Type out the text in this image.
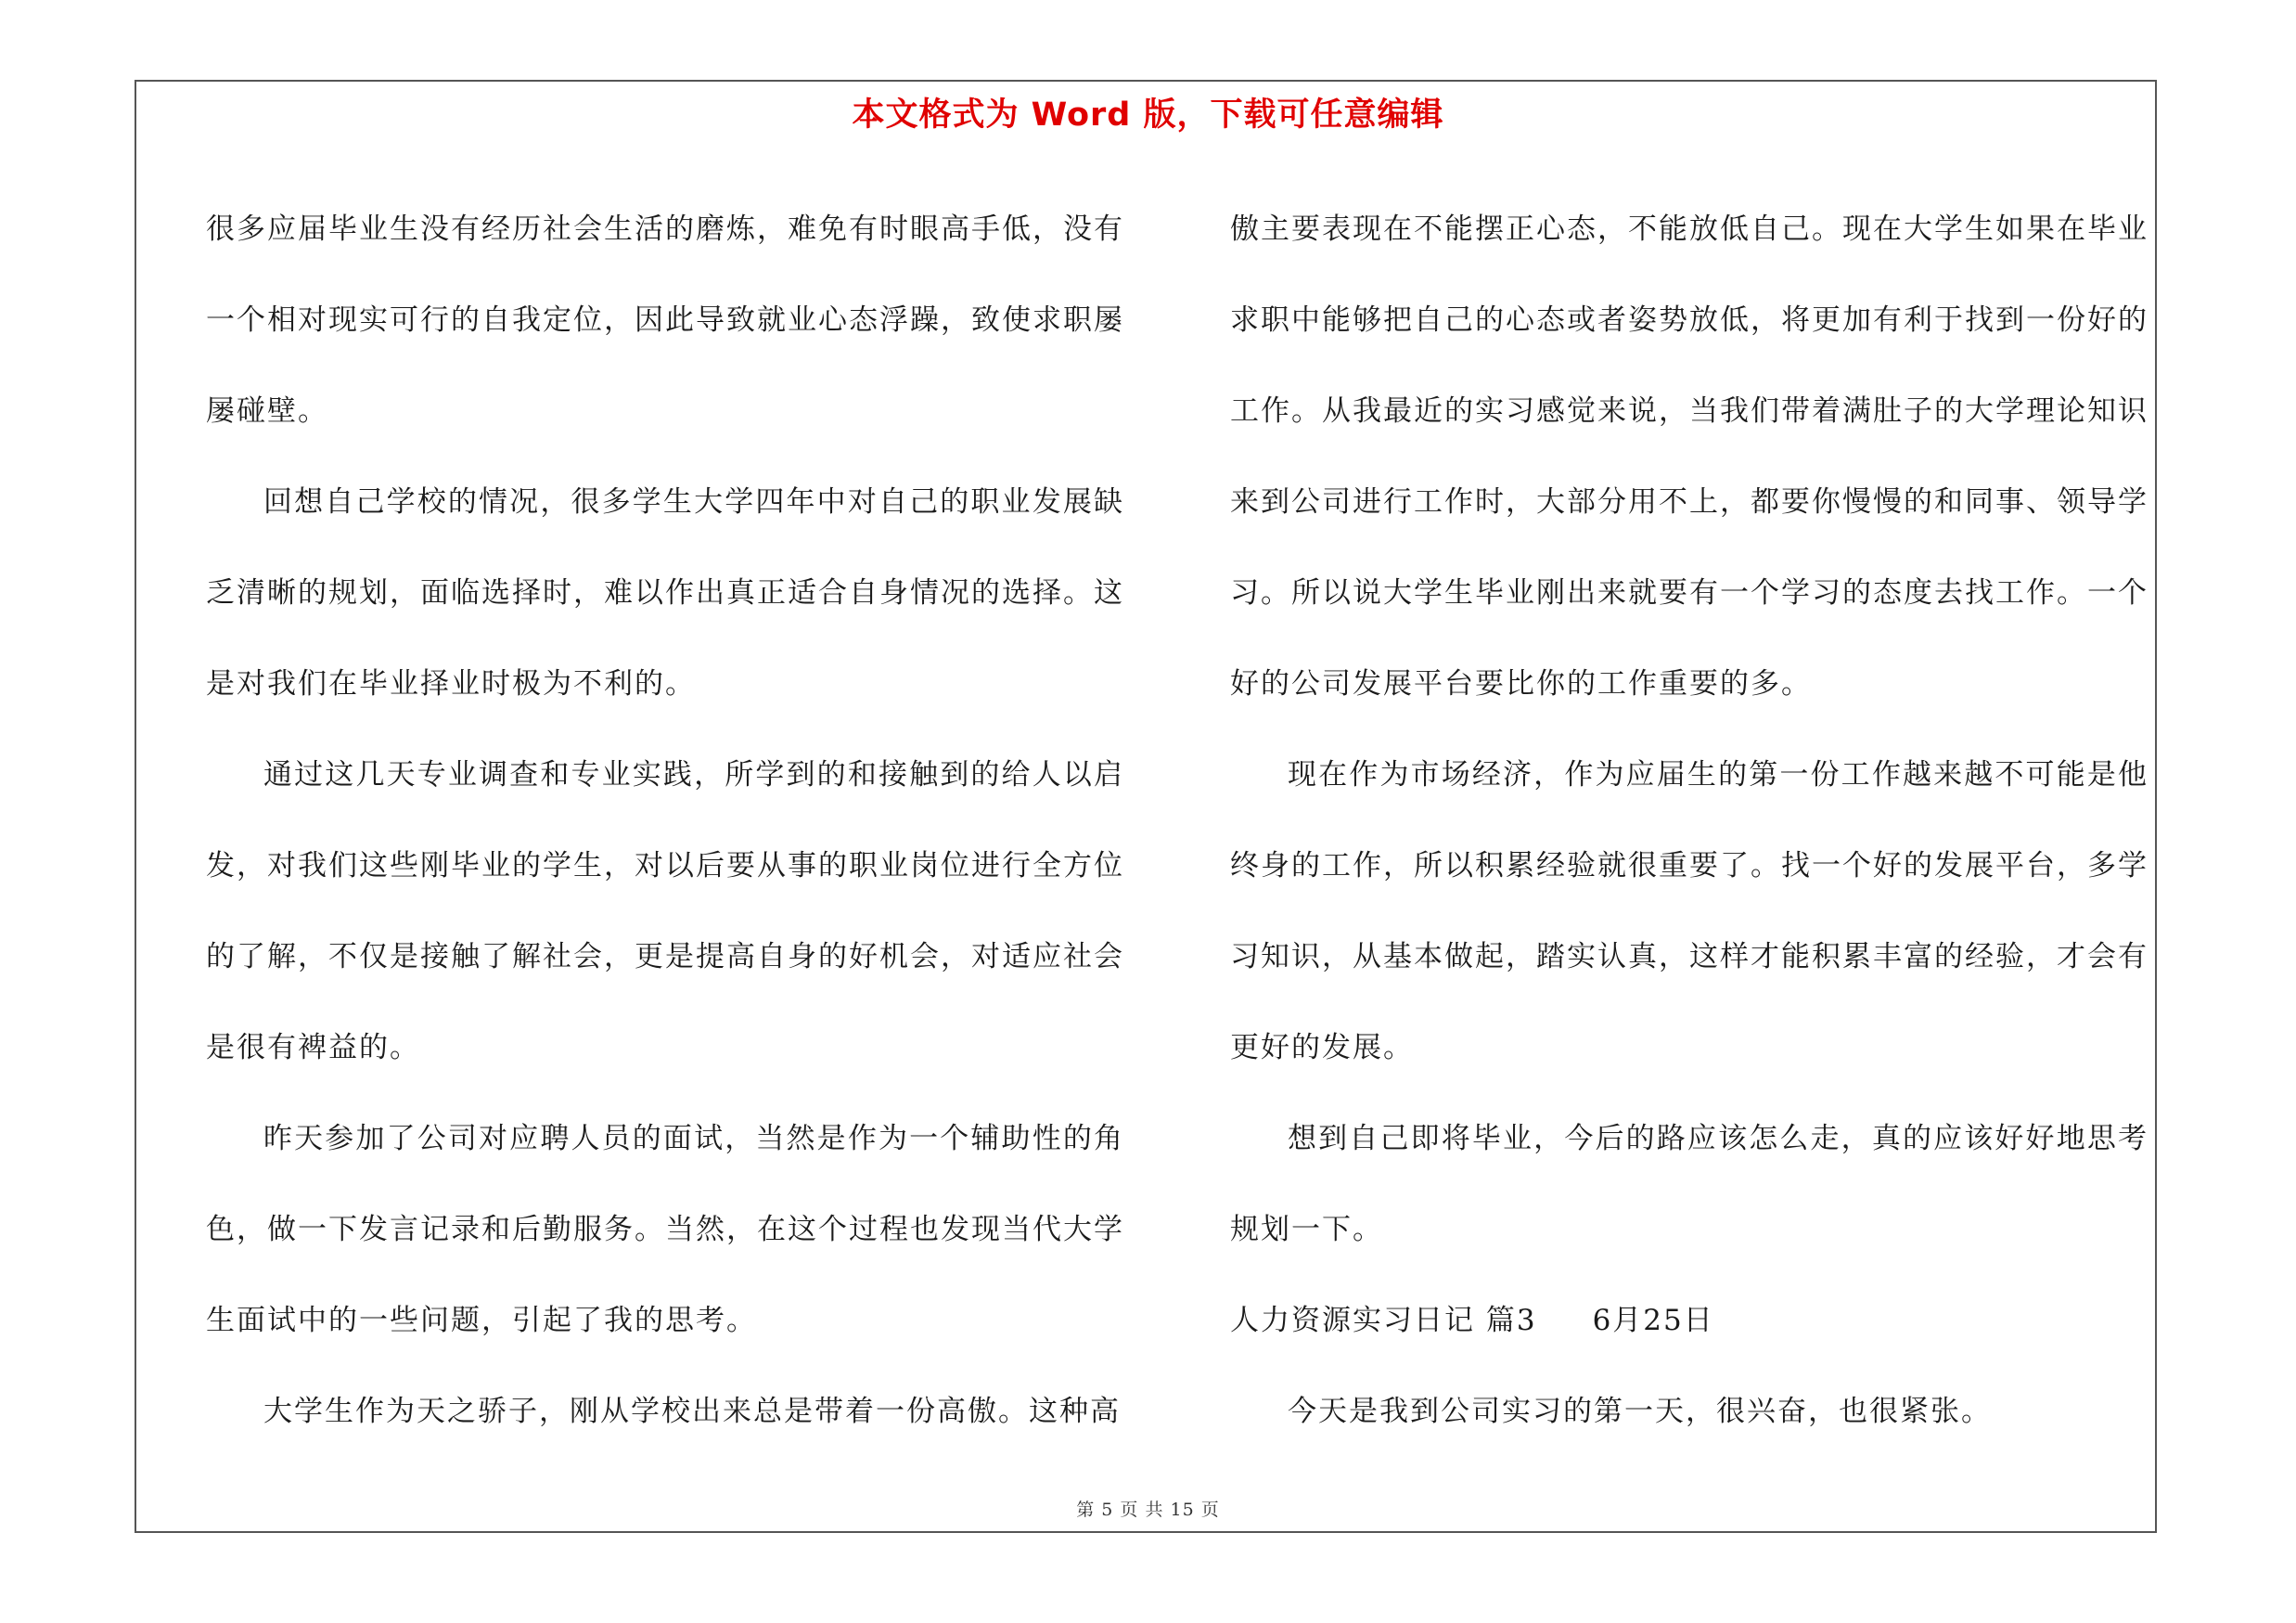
本文格式为 Word 版，下载可任意编辑

很多应届毕业生没有经历社会生活的磨炼，难免有时眼高手低，没有一个相对现实可行的自我定位，因此导致就业心态浮躁，致使求职屡屡碰壁。

回想自己学校的情况，很多学生大学四年中对自己的职业发展缺乏清晰的规划，面临选择时，难以作出真正适合自身情况的选择。这是对我们在毕业择业时极为不利的。

通过这几天专业调查和专业实践，所学到的和接触到的给人以启发，对我们这些刚毕业的学生，对以后要从事的职业岗位进行全方位的了解，不仅是接触了解社会，更是提高自身的好机会，对适应社会是很有裨益的。

昨天参加了公司对应聘人员的面试，当然是作为一个辅助性的角色，做一下发言记录和后勤服务。当然，在这个过程也发现当代大学生面试中的一些问题，引起了我的思考。

大学生作为天之骄子，刚从学校出来总是带着一份高傲。这种高

傲主要表现在不能摆正心态，不能放低自己。现在大学生如果在毕业求职中能够把自己的心态或者姿势放低，将更加有利于找到一份好的工作。从我最近的实习感觉来说，当我们带着满肚子的大学理论知识来到公司进行工作时，大部分用不上，都要你慢慢的和同事、领导学习。所以说大学生毕业刚出来就要有一个学习的态度去找工作。一个好的公司发展平台要比你的工作重要的多。

现在作为市场经济，作为应届生的第一份工作越来越不可能是他终身的工作，所以积累经验就很重要了。找一个好的发展平台，多学习知识，从基本做起，踏实认真，这样才能积累丰富的经验，才会有更好的发展。

想到自己即将毕业，今后的路应该怎么走，真的应该好好地思考规划一下。

人力资源实习日记 篇3 6月25日

今天是我到公司实习的第一天，很兴奋，也很紧张。

第 5 页 共 15 页
